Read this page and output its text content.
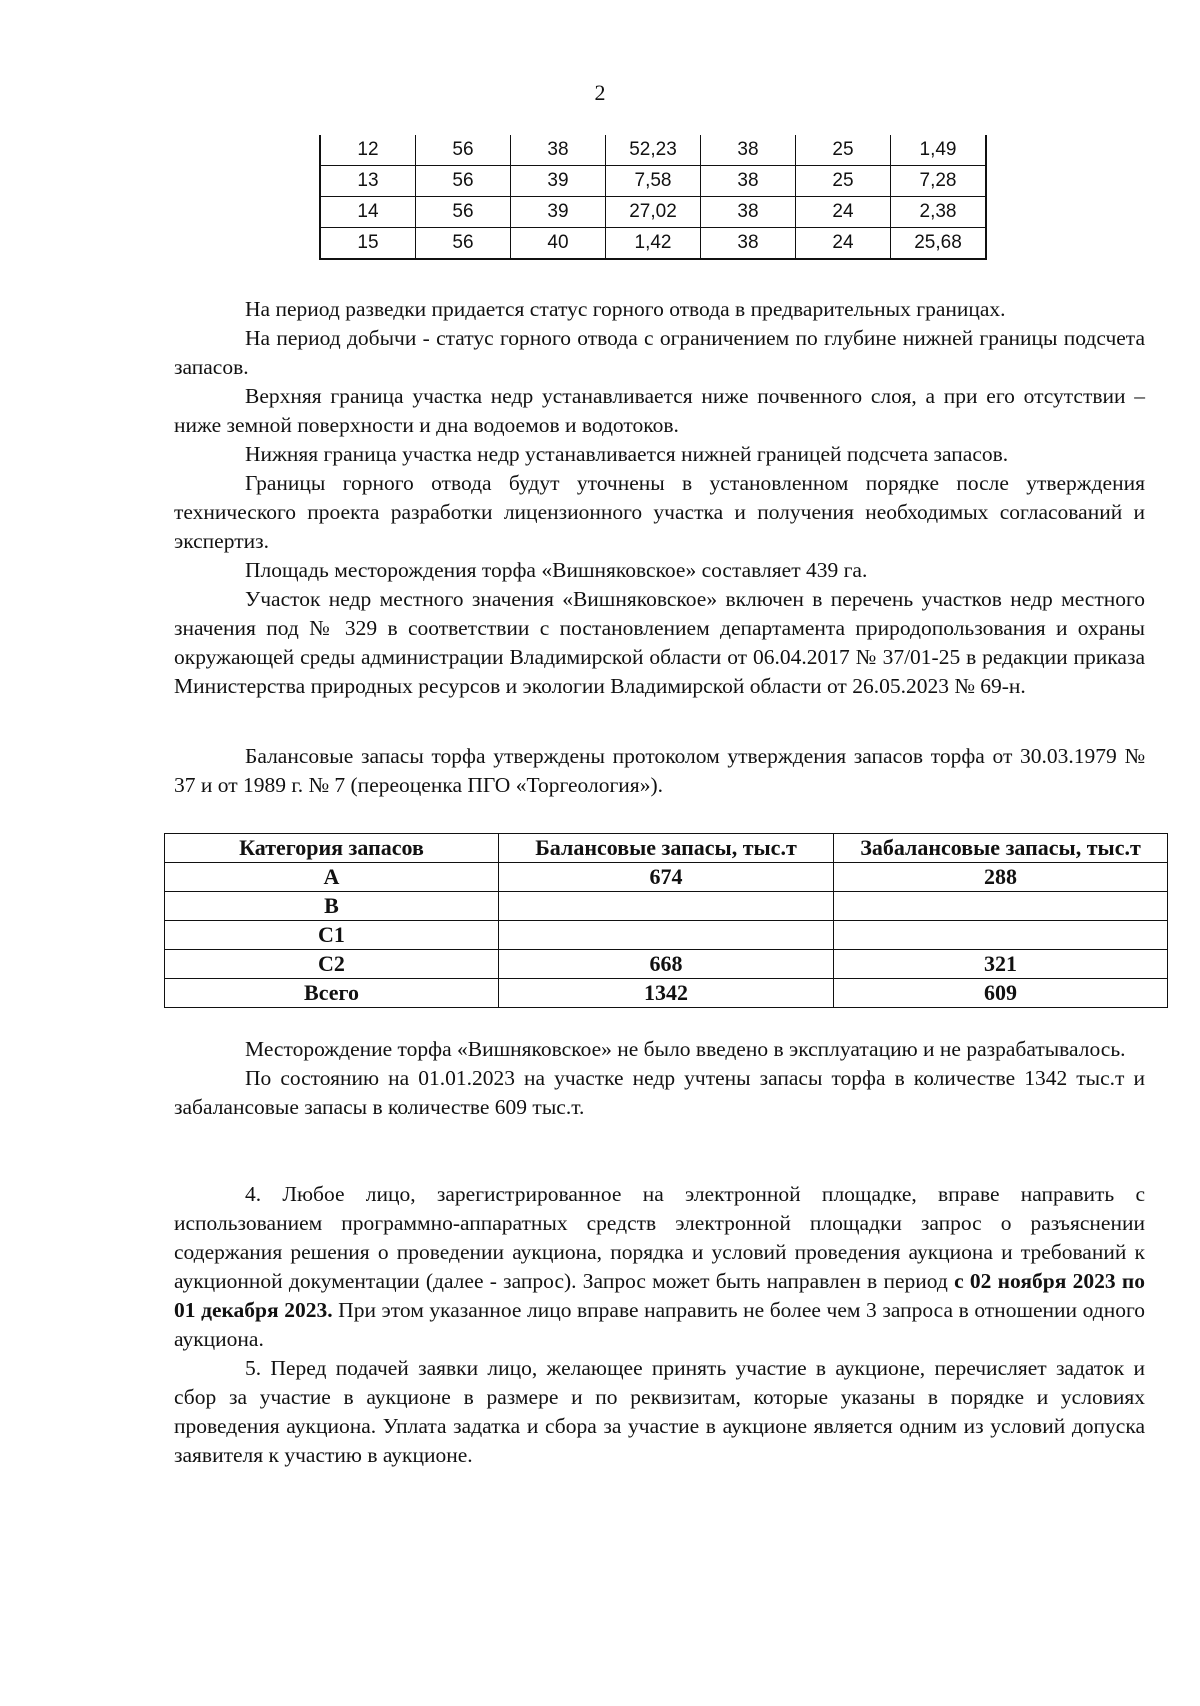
2
12	56	38	52,23	38	25	1,49
13	56	39	7,58	38	25	7,28
14	56	39	27,02	38	24	2,38
15	56	40	1,42	38	24	25,68

На период разведки придается статус горного отвода в предварительных границах.

На период добычи - статус горного отвода с ограничением по глубине нижней границы подсчета запасов.

Верхняя граница участка недр устанавливается ниже почвенного слоя, а при его отсутствии – ниже земной поверхности и дна водоемов и водотоков.

Нижняя граница участка недр устанавливается нижней границей подсчета запасов.

Границы горного отвода будут уточнены в установленном порядке после утверждения технического проекта разработки лицензионного участка и получения необходимых согласований и экспертиз.

Площадь месторождения торфа «Вишняковское» составляет 439 га.

Участок недр местного значения «Вишняковское» включен в перечень участков недр местного значения под № 329 в соответствии с постановлением департамента природопользования и охраны окружающей среды администрации Владимирской области от 06.04.2017 № 37/01-25 в редакции приказа Министерства природных ресурсов и экологии Владимирской области от 26.05.2023 № 69-н.

Балансовые запасы торфа утверждены протоколом утверждения запасов торфа от 30.03.1979 № 37 и от 1989 г. № 7 (переоценка ПГО «Торгеология»).

Категория запасов	Балансовые запасы, тыс.т	Забалансовые запасы, тыс.т
А	674	288
В		
С1		
С2	668	321
Всего	1342	609

Месторождение торфа «Вишняковское» не было введено в эксплуатацию и не разрабатывалось.

По состоянию на 01.01.2023 на участке недр учтены запасы торфа в количестве 1342 тыс.т и забалансовые запасы в количестве 609 тыс.т.

4. Любое лицо, зарегистрированное на электронной площадке, вправе направить с использованием программно-аппаратных средств электронной площадки запрос о разъяснении содержания решения о проведении аукциона, порядка и условий проведения аукциона и требований к аукционной документации (далее - запрос). Запрос может быть направлен в период с 02 ноября 2023 по 01 декабря 2023. При этом указанное лицо вправе направить не более чем 3 запроса в отношении одного аукциона.

5. Перед подачей заявки лицо, желающее принять участие в аукционе, перечисляет задаток и сбор за участие в аукционе в размере и по реквизитам, которые указаны в порядке и условиях проведения аукциона. Уплата задатка и сбора за участие в аукционе является одним из условий допуска заявителя к участию в аукционе.
